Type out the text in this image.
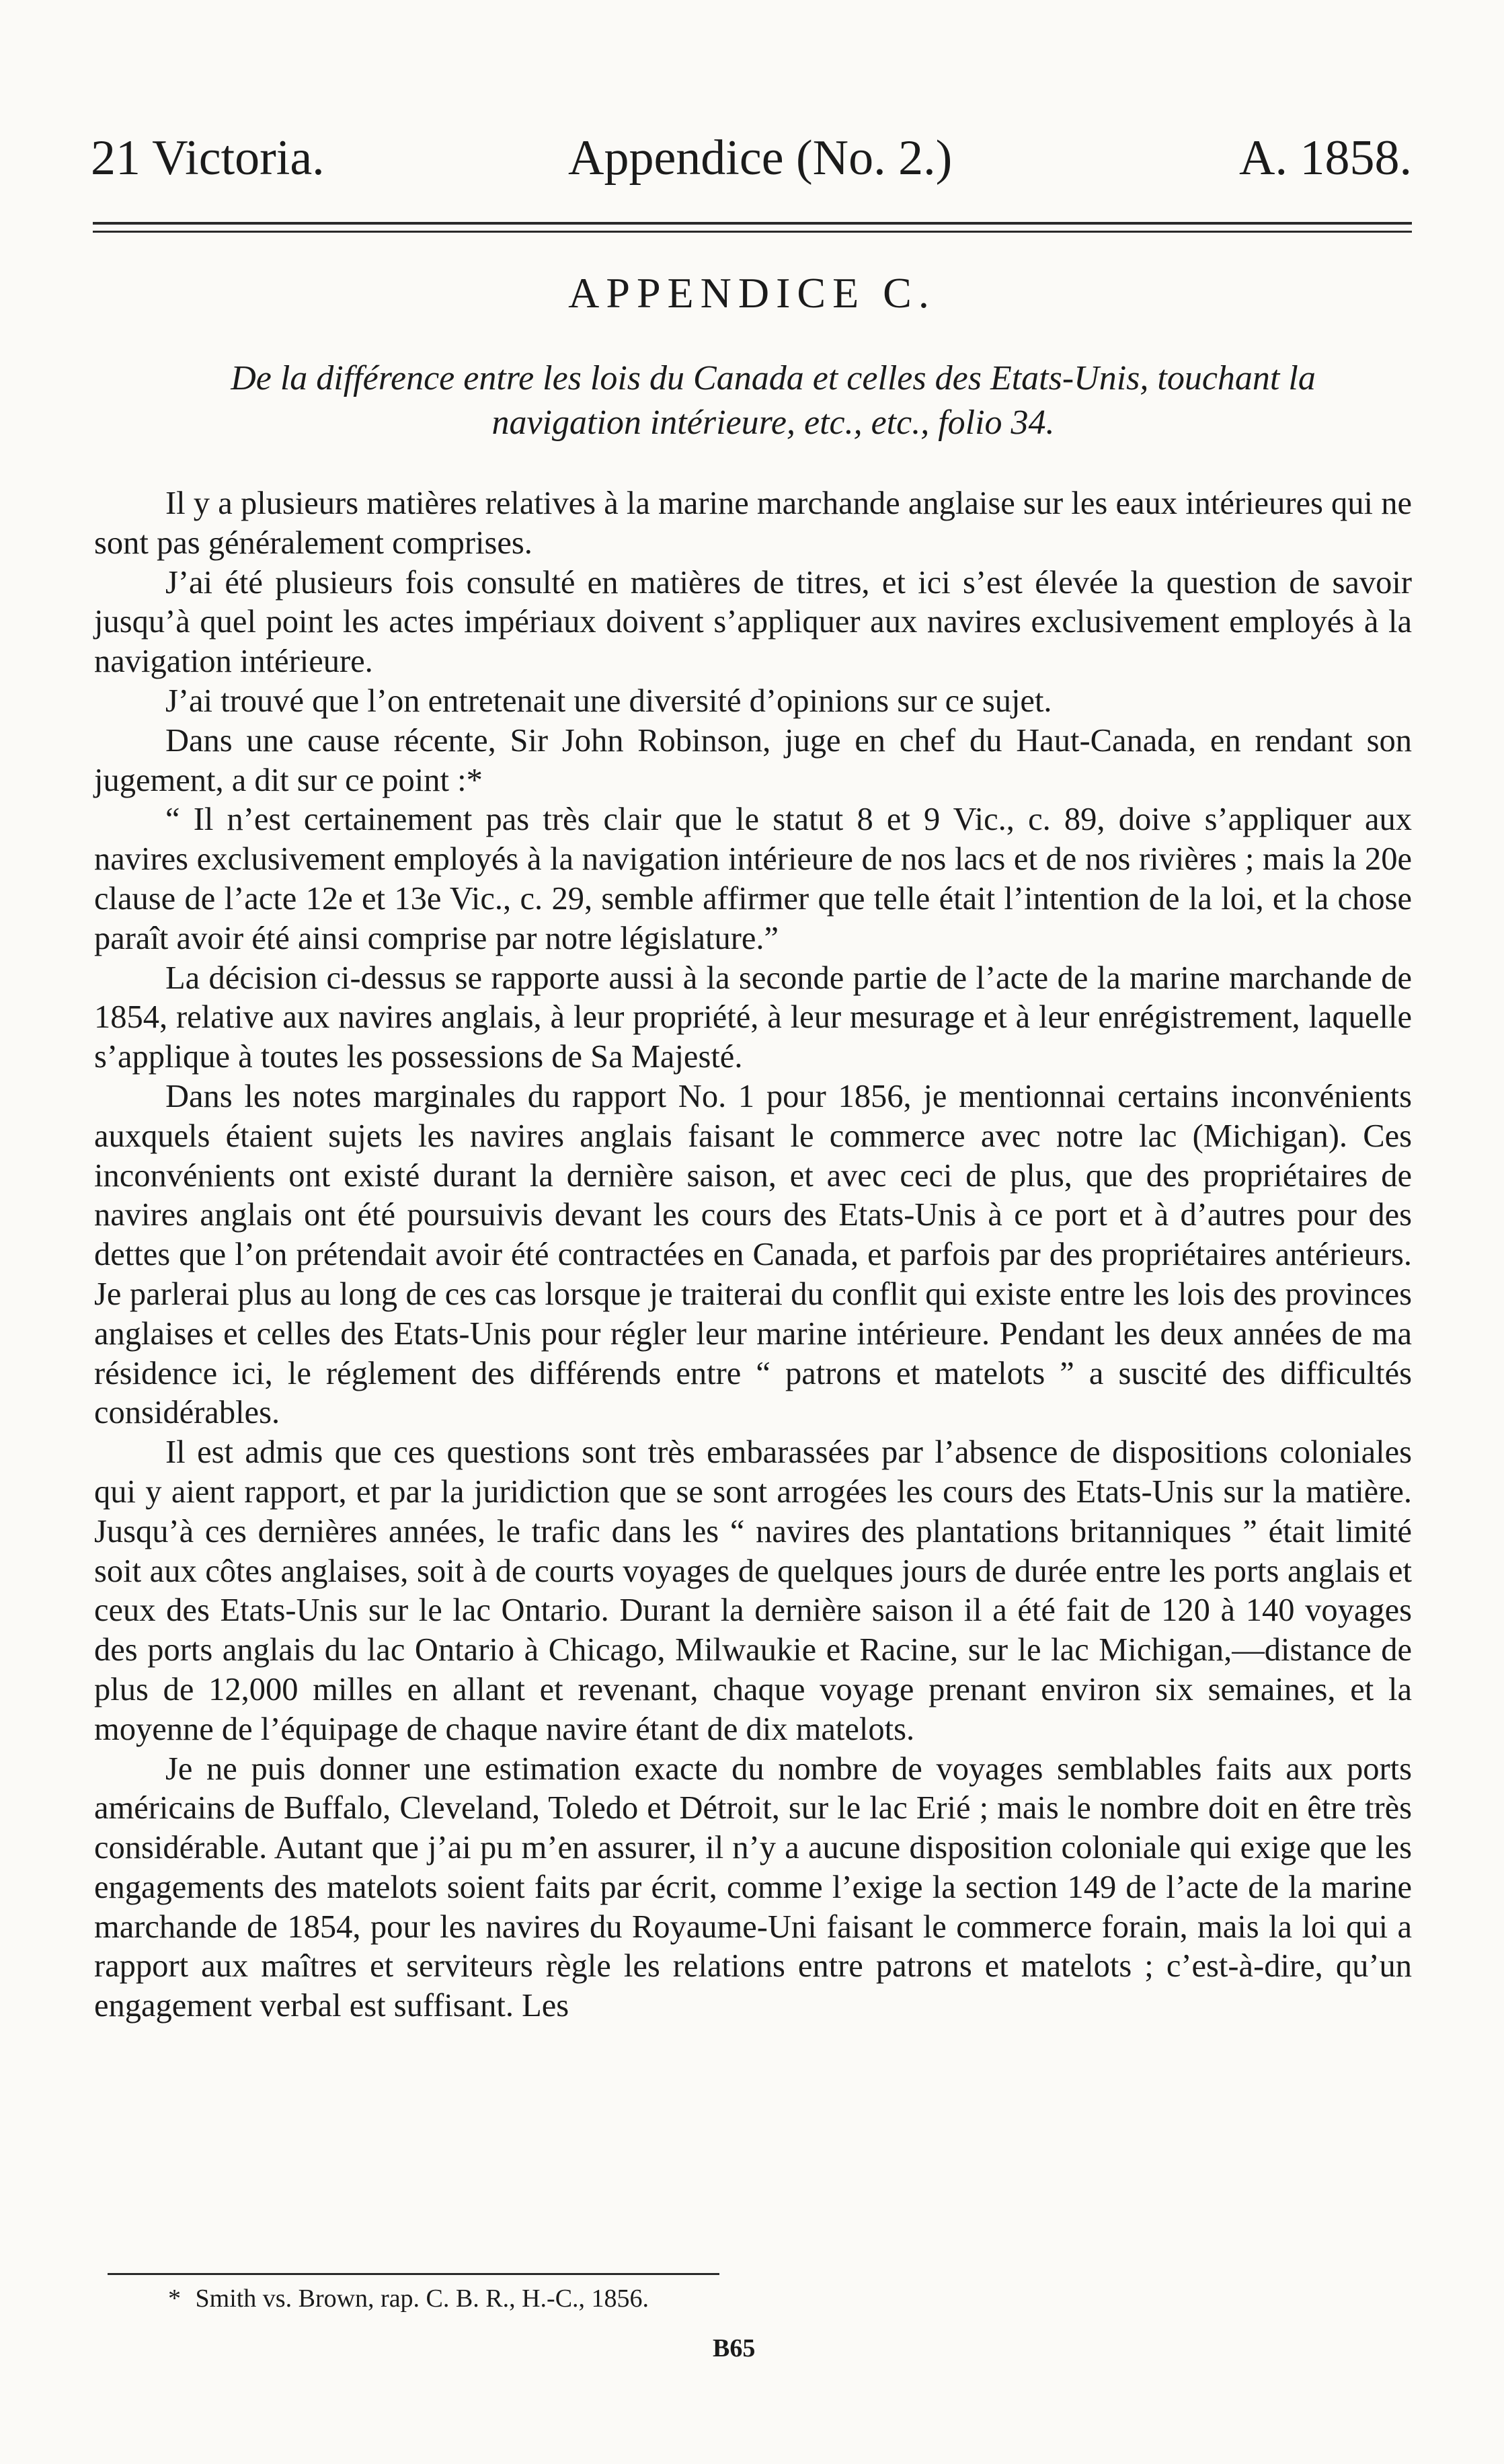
21 Victoria.	Appendice (No. 2.)	A. 1858.
APPENDICE C.
De la différence entre les lois du Canada et celles des Etats-Unis, touchant la navigation intérieure, etc., etc., folio 34.

Il y a plusieurs matières relatives à la marine marchande anglaise sur les eaux intérieures qui ne sont pas généralement comprises.

J’ai été plusieurs fois consulté en matières de titres, et ici s’est élevée la question de savoir jusqu’à quel point les actes impériaux doivent s’appliquer aux navires exclusivement employés à la navigation intérieure.

J’ai trouvé que l’on entretenait une diversité d’opinions sur ce sujet.

Dans une cause récente, Sir John Robinson, juge en chef du Haut-Canada, en rendant son jugement, a dit sur ce point :*

“ Il n’est certainement pas très clair que le statut 8 et 9 Vic., c. 89, doive s’appliquer aux navires exclusivement employés à la navigation intérieure de nos lacs et de nos rivières ; mais la 20e clause de l’acte 12e et 13e Vic., c. 29, semble affirmer que telle était l’intention de la loi, et la chose paraît avoir été ainsi comprise par notre législature.”

La décision ci-dessus se rapporte aussi à la seconde partie de l’acte de la marine marchande de 1854, relative aux navires anglais, à leur propriété, à leur mesurage et à leur enrégistrement, laquelle s’applique à toutes les possessions de Sa Majesté.

Dans les notes marginales du rapport No. 1 pour 1856, je mentionnai certains inconvénients auxquels étaient sujets les navires anglais faisant le commerce avec notre lac (Michigan). Ces inconvénients ont existé durant la dernière saison, et avec ceci de plus, que des propriétaires de navires anglais ont été poursuivis devant les cours des Etats-Unis à ce port et à d’autres pour des dettes que l’on prétendait avoir été contractées en Canada, et parfois par des propriétaires antérieurs. Je parlerai plus au long de ces cas lorsque je traiterai du conflit qui existe entre les lois des provinces anglaises et celles des Etats-Unis pour régler leur marine intérieure. Pendant les deux années de ma résidence ici, le réglement des différends entre “ patrons et matelots ” a suscité des difficultés considérables.

Il est admis que ces questions sont très embarassées par l’absence de dispositions coloniales qui y aient rapport, et par la juridiction que se sont arrogées les cours des Etats-Unis sur la matière. Jusqu’à ces dernières années, le trafic dans les “ navires des plantations britanniques ” était limité soit aux côtes anglaises, soit à de courts voyages de quelques jours de durée entre les ports anglais et ceux des Etats-Unis sur le lac Ontario. Durant la dernière saison il a été fait de 120 à 140 voyages des ports anglais du lac Ontario à Chicago, Milwaukie et Racine, sur le lac Michigan,—distance de plus de 12,000 milles en allant et revenant, chaque voyage prenant environ six semaines, et la moyenne de l’équipage de chaque navire étant de dix matelots.

Je ne puis donner une estimation exacte du nombre de voyages semblables faits aux ports américains de Buffalo, Cleveland, Toledo et Détroit, sur le lac Erié ; mais le nombre doit en être très considérable. Autant que j’ai pu m’en assurer, il n’y a aucune disposition coloniale qui exige que les engagements des matelots soient faits par écrit, comme l’exige la section 149 de l’acte de la marine marchande de 1854, pour les navires du Royaume-Uni faisant le commerce forain, mais la loi qui a rapport aux maîtres et serviteurs règle les relations entre patrons et matelots ; c’est-à-dire, qu’un engagement verbal est suffisant. Les

* Smith vs. Brown, rap. C. B. R., H.-C., 1856.
B65
